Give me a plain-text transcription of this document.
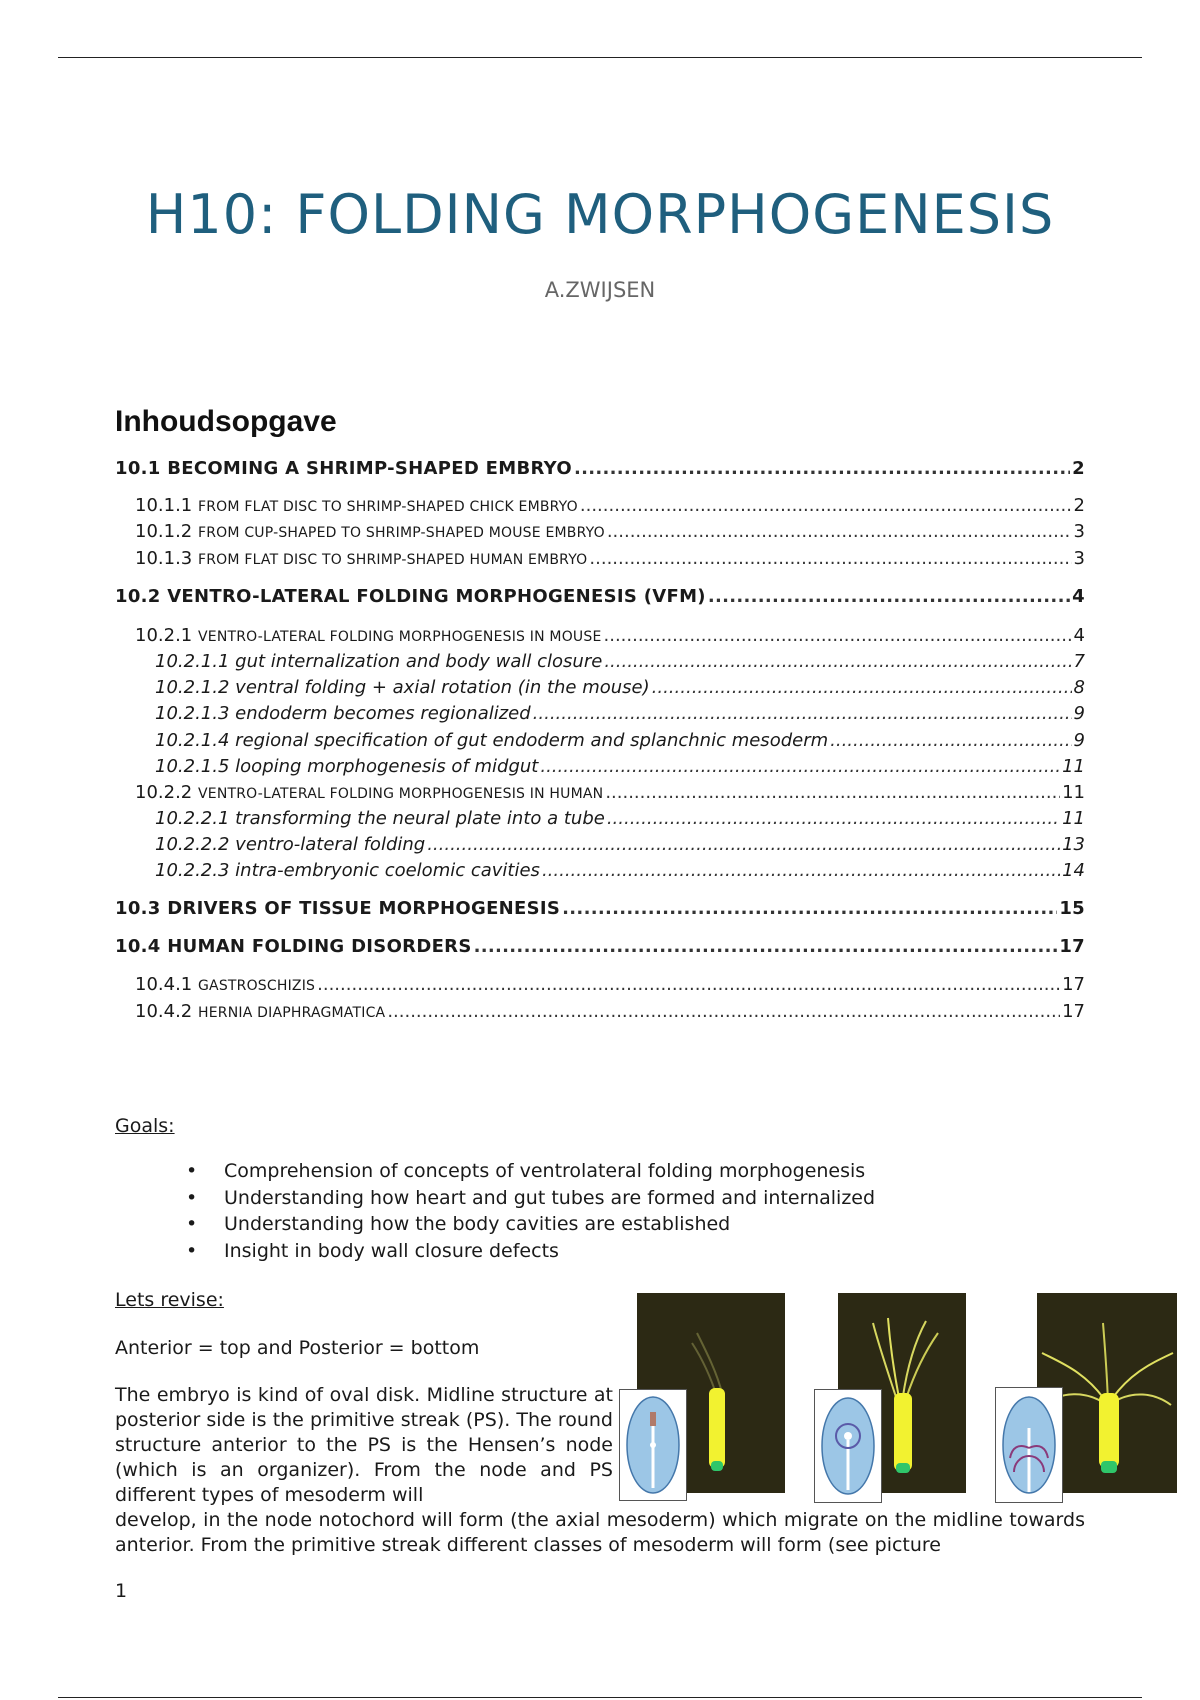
H10: FOLDING MORPHOGENESIS
A.ZWIJSEN
Inhoudsopgave
10.1 BECOMING A SHRIMP-SHAPED EMBRYO .....	2
10.1.1 FROM FLAT DISC TO SHRIMP-SHAPED CHICK EMBRYO .....	2
10.1.2 FROM CUP-SHAPED TO SHRIMP-SHAPED MOUSE EMBRYO .....	3
10.1.3 FROM FLAT DISC TO SHRIMP-SHAPED HUMAN EMBRYO .....	3
10.2 VENTRO-LATERAL FOLDING MORPHOGENESIS (VFM) .....	4
10.2.1 VENTRO-LATERAL FOLDING MORPHOGENESIS IN MOUSE .....	4
10.2.1.1 gut internalization and body wall closure .....	7
10.2.1.2 ventral folding + axial rotation (in the mouse) .....	8
10.2.1.3 endoderm becomes regionalized .....	9
10.2.1.4 regional specification of gut endoderm and splanchnic mesoderm .....	9
10.2.1.5 looping morphogenesis of midgut .....	11
10.2.2 VENTRO-LATERAL FOLDING MORPHOGENESIS IN HUMAN .....	11
10.2.2.1 transforming the neural plate into a tube .....	11
10.2.2.2 ventro-lateral folding .....	13
10.2.2.3 intra-embryonic coelomic cavities .....	14
10.3 DRIVERS OF TISSUE MORPHOGENESIS .....	15
10.4 HUMAN FOLDING DISORDERS .....	17
10.4.1 GASTROSCHIZIS .....	17
10.4.2 HERNIA DIAPHRAGMATICA .....	17
Goals:
• Comprehension of concepts of ventrolateral folding morphogenesis
• Understanding how heart and gut tubes are formed and internalized
• Understanding how the body cavities are established
• Insight in body wall closure defects
Lets revise:
Anterior = top and Posterior = bottom
The embryo is kind of oval disk. Midline structure at posterior side is the primitive streak (PS). The round structure anterior to the PS is the Hensen’s node (which is an organizer). From the node and PS different types of mesoderm will
develop, in the node notochord will form (the axial mesoderm) which migrate on the midline towards anterior. From the primitive streak different classes of mesoderm will form (see picture
1
